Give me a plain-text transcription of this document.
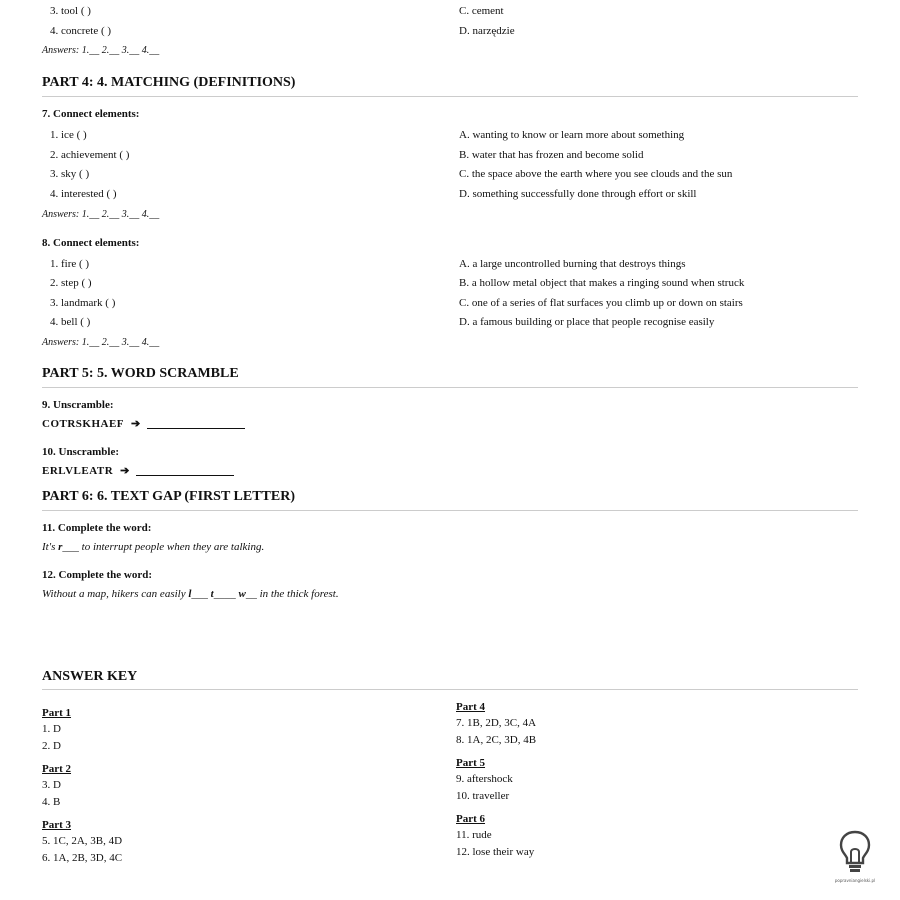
3. tool ( )	C. cement
4. concrete ( )	D. narzędzie
Answers: 1.__ 2.__ 3.__ 4.__
PART 4: 4. MATCHING (DEFINITIONS)
7. Connect elements:
1. ice ( )	A. wanting to know or learn more about something
2. achievement ( )	B. water that has frozen and become solid
3. sky ( )	C. the space above the earth where you see clouds and the sun
4. interested ( )	D. something successfully done through effort or skill
Answers: 1.__ 2.__ 3.__ 4.__
8. Connect elements:
1. fire ( )	A. a large uncontrolled burning that destroys things
2. step ( )	B. a hollow metal object that makes a ringing sound when struck
3. landmark ( )	C. one of a series of flat surfaces you climb up or down on stairs
4. bell ( )	D. a famous building or place that people recognise easily
Answers: 1.__ 2.__ 3.__ 4.__
PART 5: 5. WORD SCRAMBLE
9. Unscramble:
COTRSKHAEF ➔
10. Unscramble:
ERLVLEATR ➔
PART 6: 6. TEXT GAP (FIRST LETTER)
11. Complete the word:
It's r___ to interrupt people when they are talking.
12. Complete the word:
Without a map, hikers can easily l___ t____ w__ in the thick forest.
ANSWER KEY
Part 1
1. D
2. D
Part 2
3. D
4. B
Part 3
5. 1C, 2A, 3B, 4D
6. 1A, 2B, 3D, 4C
Part 4
7. 1B, 2D, 3C, 4A
8. 1A, 2C, 3D, 4B
Part 5
9. aftershock
10. traveller
Part 6
11. rude
12. lose their way
popravniangielski.pl
